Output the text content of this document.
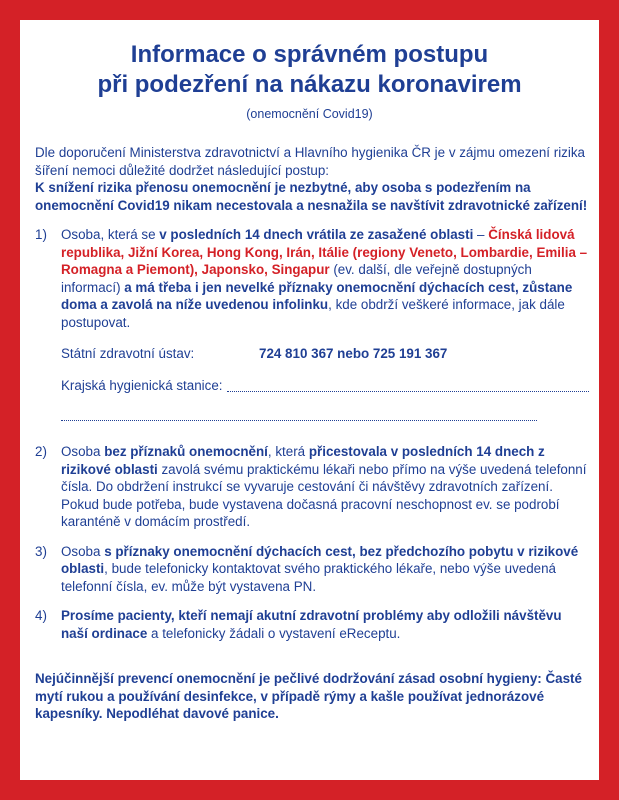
Informace o správném postupu
při podezření na nákazu koronavirem
(onemocnění Covid19)

Dle doporučení Ministerstva zdravotnictví a Hlavního hygienika ČR je v zájmu omezení rizika šíření nemoci důležité dodržet následující postup:
K snížení rizika přenosu onemocnění je nezbytné, aby osoba s podezřením na onemocnění Covid19 nikam necestovala a nesnažila se navštívit zdravotnické zařízení!

1)	Osoba, která se v posledních 14 dnech vrátila ze zasažené oblasti – Čínská lidová republika, Jižní Korea, Hong Kong, Irán, Itálie (regiony Veneto, Lombardie, Emilia – Romagna a Piemont), Japonsko, Singapur (ev. další, dle veřejně dostupných informací) a má třeba i jen nevelké příznaky onemocnění dýchacích cest, zůstane doma a zavolá na níže uvedenou infolinku, kde obdrží veškeré informace, jak dále postupovat.
Státní zdravotní ústav:	724 810 367 nebo 725 191 367
Krajská hygienická stanice:
2)	Osoba bez příznaků onemocnění, která přicestovala v posledních 14 dnech z rizikové oblasti zavolá svému praktickému lékaři nebo přímo na výše uvedená telefonní čísla. Do obdržení instrukcí se vyvaruje cestování či návštěvy zdravotních zařízení. Pokud bude potřeba, bude vystavena dočasná pracovní neschopnost ev. se podrobí karanténě v domácím prostředí.
3)	Osoba s příznaky onemocnění dýchacích cest, bez předchozího pobytu v rizikové oblasti, bude telefonicky kontaktovat svého praktického lékaře, nebo výše uvedená telefonní čísla, ev. může být vystavena PN.
4)	Prosíme pacienty, kteří nemají akutní zdravotní problémy aby odložili návštěvu naší ordinace a telefonicky žádali o vystavení eReceptu.

Nejúčinnější prevencí onemocnění je pečlivé dodržování zásad osobní hygieny: Časté mytí rukou a používání desinfekce, v případě rýmy a kašle používat jednorázové kapesníky. Nepodléhat davové panice.
